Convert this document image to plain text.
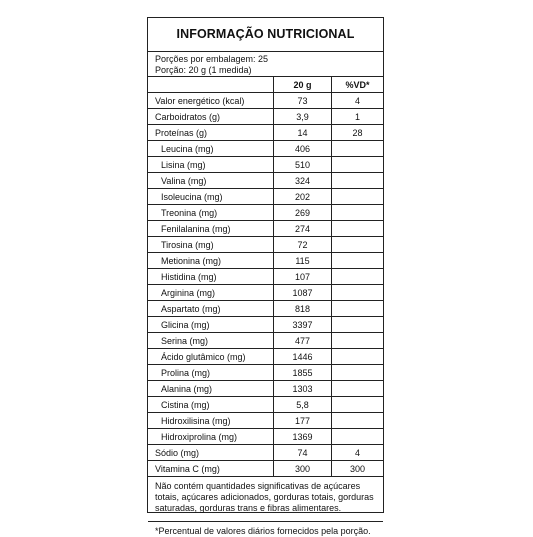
INFORMAÇÃO NUTRICIONAL
Porções por embalagem: 25
Porção: 20 g (1 medida)
	20 g	%VD*
Valor energético (kcal)	73	4
Carboidratos (g)	3,9	1
Proteínas (g)	14	28
Leucina (mg)	406	
Lisina (mg)	510	
Valina (mg)	324	
Isoleucina (mg)	202	
Treonina (mg)	269	
Fenilalanina (mg)	274	
Tirosina (mg)	72	
Metionina (mg)	115	
Histidina (mg)	107	
Arginina (mg)	1087	
Aspartato (mg)	818	
Glicina (mg)	3397	
Serina (mg)	477	
Ácido glutâmico (mg)	1446	
Prolina (mg)	1855	
Alanina (mg)	1303	
Cistina (mg)	5,8	
Hidroxilisina (mg)	177	
Hidroxiprolina (mg)	1369	
Sódio (mg)	74	4
Vitamina C (mg)	300	300
Não contém quantidades significativas de açúcares totais, açúcares adicionados, gorduras totais, gorduras saturadas, gorduras trans e fibras alimentares.
*Percentual de valores diários fornecidos pela porção.
